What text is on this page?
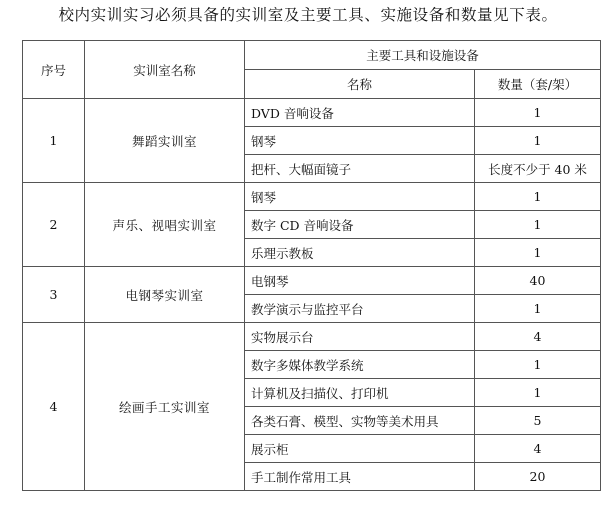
校内实训实习必须具备的实训室及主要工具、实施设备和数量见下表。
序号	实训室名称	主要工具和设施设备	
		名称	数量（套/架）
1	舞蹈实训室	DVD 音响设备	1
		钢琴	1
		把杆、大幅面镜子	长度不少于 40 米
2	声乐、视唱实训室	钢琴	1
		数字 CD 音响设备	1
		乐理示教板	1
3	电钢琴实训室	电钢琴	40
		教学演示与监控平台	1
4	绘画手工实训室	实物展示台	4
		数字多媒体教学系统	1
		计算机及扫描仪、打印机	1
		各类石膏、模型、实物等美术用具	5
		展示柜	4
		手工制作常用工具	20
